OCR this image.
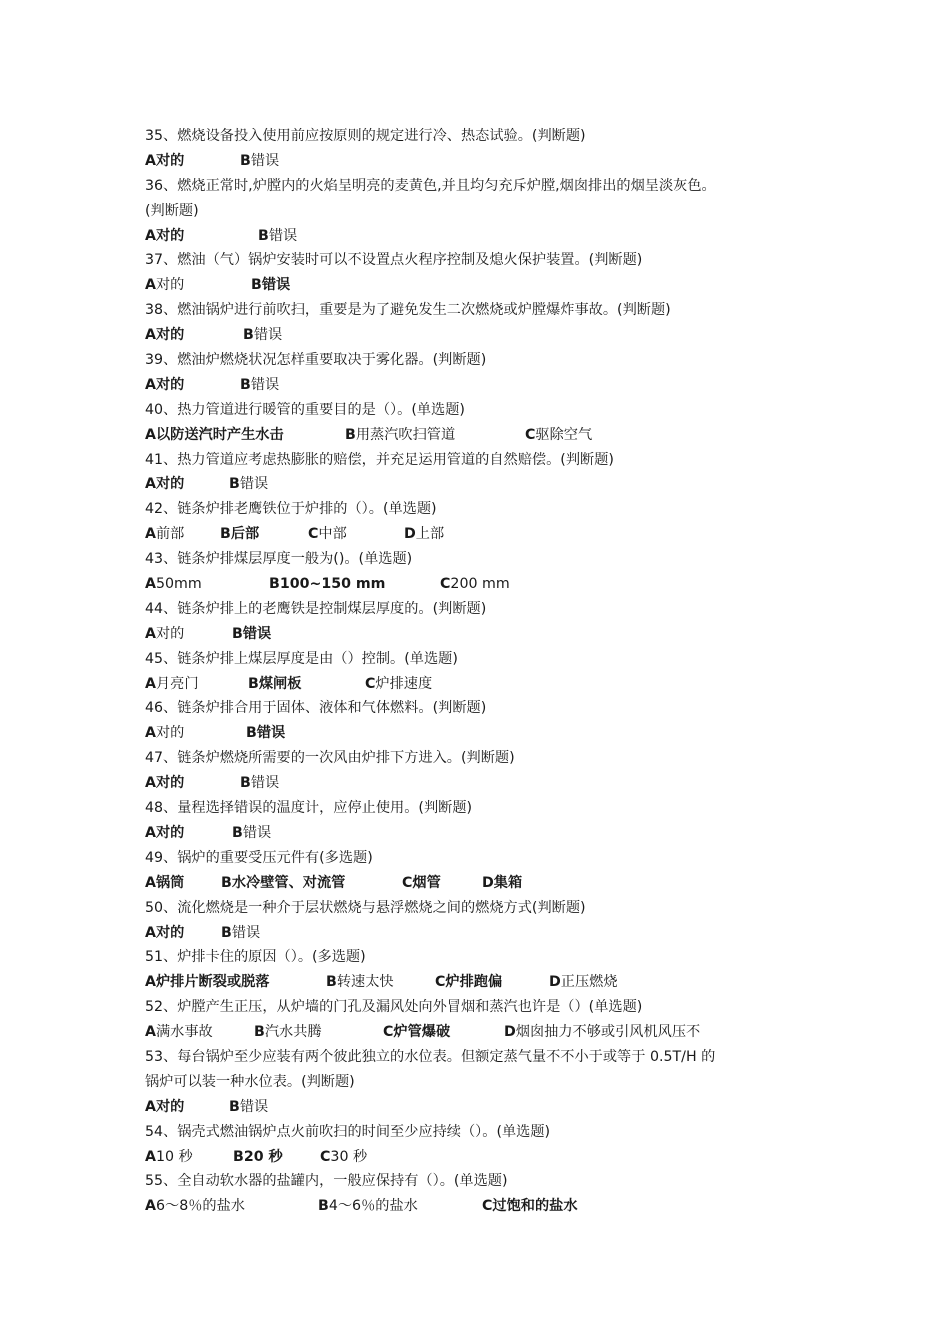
35、燃烧设备投入使用前应按原则的规定进行冷、热态试验。(判断题)
A对的	B错误
36、燃烧正常时,炉膛内的火焰呈明亮的麦黄色,并且均匀充斥炉膛,烟囱排出的烟呈淡灰色。
(判断题)
A对的	B错误
37、燃油（气）锅炉安装时可以不设置点火程序控制及熄火保护装置。(判断题)
A对的	B错误
38、燃油锅炉进行前吹扫，重要是为了避免发生二次燃烧或炉膛爆炸事故。(判断题)
A对的	B错误
39、燃油炉燃烧状况怎样重要取决于雾化器。(判断题)
A对的	B错误
40、热力管道进行暖管的重要目的是（）。(单选题)
A以防送汽时产生水击	B用蒸汽吹扫管道	C驱除空气
41、热力管道应考虑热膨胀的赔偿，并充足运用管道的自然赔偿。(判断题)
A对的	B错误
42、链条炉排老鹰铁位于炉排的（）。(单选题)
A前部	B后部	C中部	D上部
43、链条炉排煤层厚度一般为()。(单选题)
A50mm	B100~150 mm	C200 mm
44、链条炉排上的老鹰铁是控制煤层厚度的。(判断题)
A对的	B错误
45、链条炉排上煤层厚度是由（）控制。(单选题)
A月亮门	B煤闸板	C炉排速度
46、链条炉排合用于固体、液体和气体燃料。(判断题)
A对的	B错误
47、链条炉燃烧所需要的一次风由炉排下方进入。(判断题)
A对的	B错误
48、量程选择错误的温度计，应停止使用。(判断题)
A对的	B错误
49、锅炉的重要受压元件有(多选题)
A锅筒	B水冷壁管、对流管	C烟管	D集箱
50、流化燃烧是一种介于层状燃烧与悬浮燃烧之间的燃烧方式(判断题)
A对的	B错误
51、炉排卡住的原因（）。(多选题)
A炉排片断裂或脱落	B转速太快	C炉排跑偏	D正压燃烧
52、炉膛产生正压，从炉墙的门孔及漏风处向外冒烟和蒸汽也许是（）(单选题)
A满水事故	B汽水共腾	C炉管爆破	D烟囱抽力不够或引风机风压不
53、每台锅炉至少应装有两个彼此独立的水位表。但额定蒸气量不不小于或等于 0.5T/H 的
锅炉可以装一种水位表。(判断题)
A对的	B错误
54、锅壳式燃油锅炉点火前吹扫的时间至少应持续（）。(单选题)
A10 秒	B20 秒	C30 秒
55、全自动软水器的盐罐内，一般应保持有（）。(单选题)
A6～8％的盐水	B4～6％的盐水	C过饱和的盐水
